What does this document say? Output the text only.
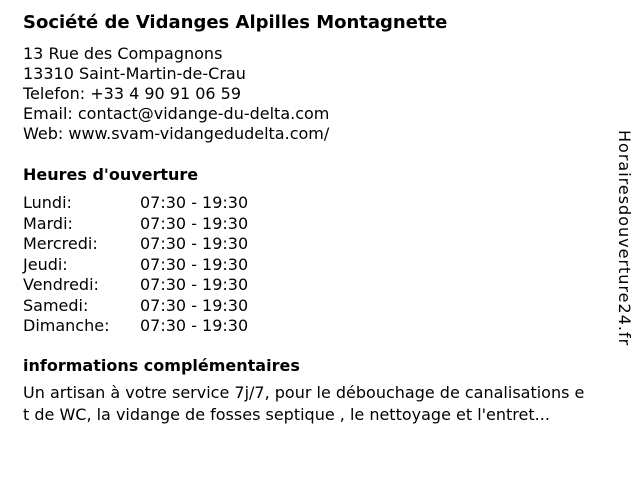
Société de Vidanges Alpilles Montagnette
13 Rue des Compagnons
13310 Saint-Martin-de-Crau
Telefon: +33 4 90 91 06 59
Email: contact@vidange-du-delta.com
Web: www.svam-vidangedudelta.com/
Heures d'ouverture
Lundi:	07:30 - 19:30
Mardi:	07:30 - 19:30
Mercredi:	07:30 - 19:30
Jeudi:	07:30 - 19:30
Vendredi:	07:30 - 19:30
Samedi:	07:30 - 19:30
Dimanche:	07:30 - 19:30
informations complémentaires
Un artisan à votre service 7j/7, pour le débouchage de canalisations e
t de WC, la vidange de fosses septique , le nettoyage et l'entret...
Horairesdouverture24.fr
